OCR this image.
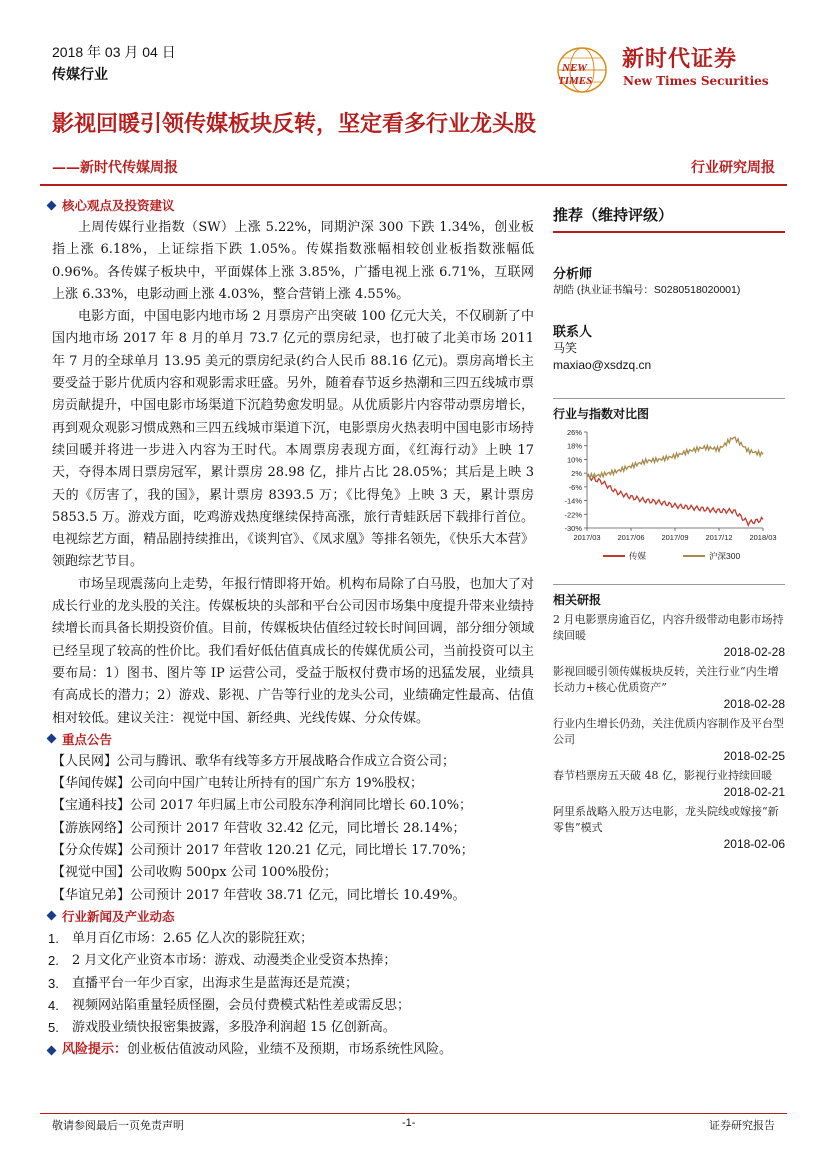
2018 年 03 月 04 日
传媒行业	NEW
TIMES
新时代证券
New Times Securities
影视回暖引领传媒板块反转，坚定看多行业龙头股
——新时代传媒周报	行业研究周报
核心观点及投资建议

上周传媒行业指数（SW）上涨 5.22%，同期沪深 300 下跌 1.34%，创业板指上涨 6.18%，上证综指下跌 1.05%。传媒指数涨幅相较创业板指数涨幅低 0.96%。各传媒子板块中，平面媒体上涨 3.85%，广播电视上涨 6.71%，互联网上涨 6.33%，电影动画上涨 4.03%，整合营销上涨 4.55%。

电影方面，中国电影内地市场 2 月票房产出突破 100 亿元大关，不仅刷新了中国内地市场 2017 年 8 月的单月 73.7 亿元的票房纪录，也打破了北美市场 2011 年 7 月的全球单月 13.95 美元的票房纪录(约合人民币 88.16 亿元)。票房高增长主要受益于影片优质内容和观影需求旺盛。另外，随着春节返乡热潮和三四五线城市票房贡献提升，中国电影市场渠道下沉趋势愈发明显。从优质影片内容带动票房增长，再到观众观影习惯成熟和三四五线城市渠道下沉，电影票房火热表明中国电影市场持续回暖并将进一步进入内容为王时代。本周票房表现方面，《红海行动》上映 17 天，夺得本周日票房冠军，累计票房 28.98 亿，排片占比 28.05%；其后是上映 3 天的《厉害了，我的国》，累计票房 8393.5 万；《比得兔》上映 3 天，累计票房 5853.5 万。游戏方面，吃鸡游戏热度继续保持高涨，旅行青蛙跃居下载排行首位。电视综艺方面，精品剧持续推出，《谈判官》、《凤求凰》等排名领先，《快乐大本营》领跑综艺节目。

市场呈现震荡向上走势，年报行情即将开始。机构布局除了白马股，也加大了对成长行业的龙头股的关注。传媒板块的头部和平台公司因市场集中度提升带来业绩持续增长而具备长期投资价值。目前，传媒板块估值经过较长时间回调，部分细分领域已经呈现了较高的性价比。我们看好低估值真成长的传媒优质公司，当前投资可以主要布局：1）图书、图片等 IP 运营公司，受益于版权付费市场的迅猛发展，业绩具有高成长的潜力；2）游戏、影视、广告等行业的龙头公司，业绩确定性最高、估值相对较低。建议关注：视觉中国、新经典、光线传媒、分众传媒。

重点公告
【人民网】公司与腾讯、歌华有线等多方开展战略合作成立合资公司；
【华闻传媒】公司向中国广电转让所持有的国广东方 19%股权；
【宝通科技】公司 2017 年归属上市公司股东净利润同比增长 60.10%；
【游族网络】公司预计 2017 年营收 32.42 亿元，同比增长 28.14%；
【分众传媒】公司预计 2017 年营收 120.21 亿元，同比增长 17.70%；
【视觉中国】公司收购 500px 公司 100%股份；
【华谊兄弟】公司预计 2017 年营收 38.71 亿元，同比增长 10.49%。
行业新闻及产业动态
1.	单月百亿市场：2.65 亿人次的影院狂欢；
2.	2 月文化产业资本市场：游戏、动漫类企业受资本热捧；
3.	直播平台一年少百家，出海求生是蓝海还是荒漠；
4.	视频网站陷重量轻质怪圈，会员付费模式粘性差或需反思；
5.	游戏股业绩快报密集披露，多股净利润超 15 亿创新高。
风险提示： 创业板估值波动风险，业绩不及预期，市场系统性风险。
推荐（维持评级）
分析师
胡皓 (执业证书编号：S0280518020001)
联系人
马笑
maxiao@xsdzq.cn
行业与指数对比图
26%
18%
10%
2%
-6%
-14%
-22%
-30%
2017/03 2017/06 2017/09 2017/12 2018/03
传媒	沪深300
相关研报
2 月电影票房逾百亿，内容升级带动电影市场持续回暖
2018-02-28
影视回暖引领传媒板块反转，关注行业“内生增长动力+核心优质资产”
2018-02-28
行业内生增长仍劲，关注优质内容制作及平台型公司
2018-02-25
春节档票房五天破 48 亿，影视行业持续回暖
2018-02-21
阿里系战略入股万达电影，龙头院线或嫁接“新零售”模式
2018-02-06
敬请参阅最后一页免责声明	-1-	证券研究报告
